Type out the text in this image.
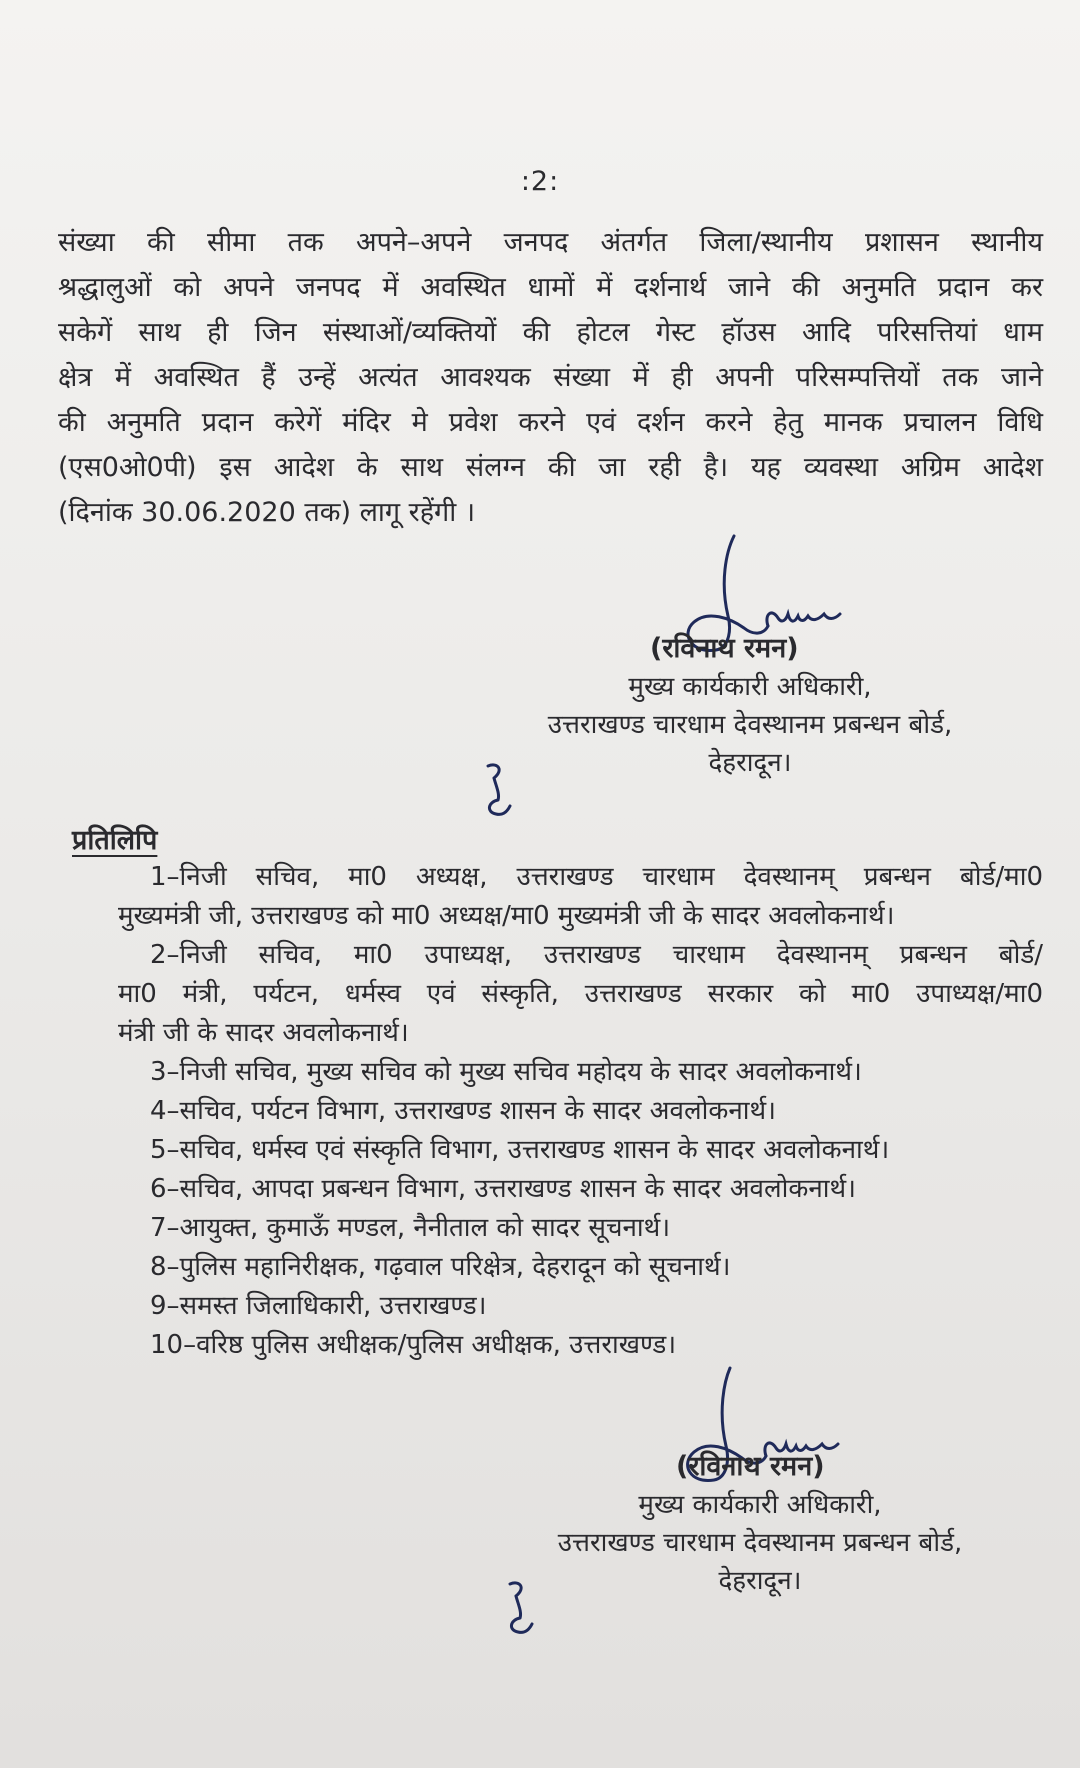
:2:
संख्या की सीमा तक अपने–अपने जनपद अंतर्गत जिला/स्थानीय प्रशासन स्थानीय
श्रद्धालुओं को अपने जनपद में अवस्थित धामों में दर्शनार्थ जाने की अनुमति प्रदान कर
सकेगें साथ ही जिन संस्थाओं/व्यक्तियों की होटल गेस्ट हॉउस आदि परिसत्तियां धाम
क्षेत्र में अवस्थित हैं उन्हें अत्यंत आवश्यक संख्या में ही अपनी परिसम्पत्तियों तक जाने
की अनुमति प्रदान करेगें मंदिर मे प्रवेश करने एवं दर्शन करने हेतु मानक प्रचालन विधि
(एस0ओ0पी) इस आदेश के साथ संलग्न की जा रही है। यह व्यवस्था अग्रिम आदेश
(दिनांक 30.06.2020 तक) लागू रहेंगी ।
(रविनाथ रमन)
मुख्य कार्यकारी अधिकारी,
उत्तराखण्ड चारधाम देवस्थानम प्रबन्धन बोर्ड,
देहरादून।
प्रतिलिपि
1–निजी सचिव, मा0 अध्यक्ष, उत्तराखण्ड चारधाम देवस्थानम् प्रबन्धन बोर्ड/मा0
मुख्यमंत्री जी, उत्तराखण्ड को मा0 अध्यक्ष/मा0 मुख्यमंत्री जी के सादर अवलोकनार्थ।
2–निजी सचिव, मा0 उपाध्यक्ष, उत्तराखण्ड चारधाम देवस्थानम् प्रबन्धन बोर्ड/
मा0 मंत्री, पर्यटन, धर्मस्व एवं संस्कृति, उत्तराखण्ड सरकार को मा0 उपाध्यक्ष/मा0
मंत्री जी के सादर अवलोकनार्थ।
3–निजी सचिव, मुख्य सचिव को मुख्य सचिव महोदय के सादर अवलोकनार्थ।
4–सचिव, पर्यटन विभाग, उत्तराखण्ड शासन के सादर अवलोकनार्थ।
5–सचिव, धर्मस्व एवं संस्कृति विभाग, उत्तराखण्ड शासन के सादर अवलोकनार्थ।
6–सचिव, आपदा प्रबन्धन विभाग, उत्तराखण्ड शासन के सादर अवलोकनार्थ।
7–आयुक्त, कुमाऊँ मण्डल, नैनीताल को सादर सूचनार्थ।
8–पुलिस महानिरीक्षक, गढ़वाल परिक्षेत्र, देहरादून को सूचनार्थ।
9–समस्त जिलाधिकारी, उत्तराखण्ड।
10–वरिष्ठ पुलिस अधीक्षक/पुलिस अधीक्षक, उत्तराखण्ड।
(रविनाथ रमन)
मुख्य कार्यकारी अधिकारी,
उत्तराखण्ड चारधाम देवस्थानम प्रबन्धन बोर्ड,
देहरादून।
